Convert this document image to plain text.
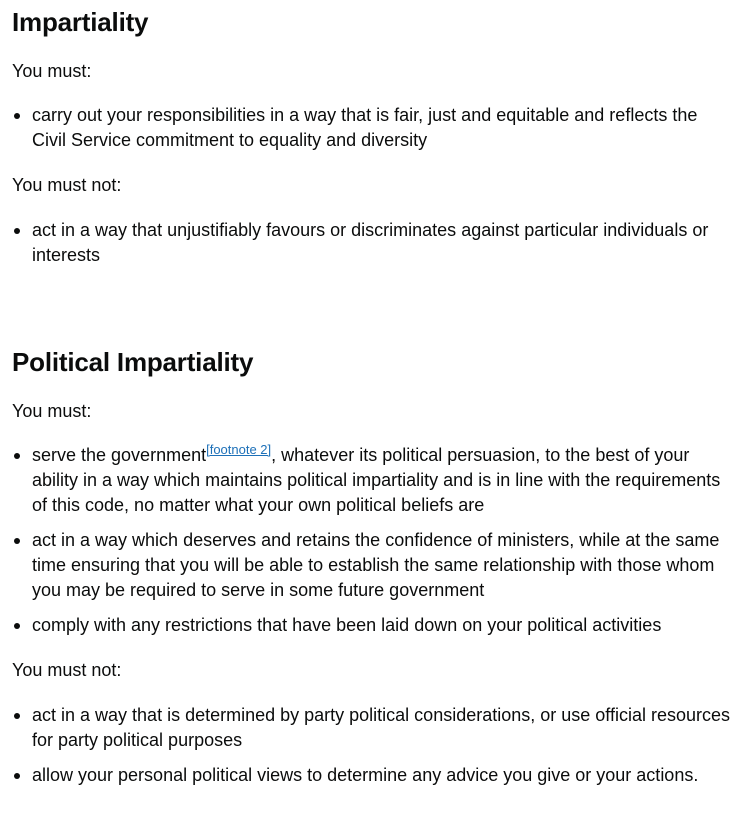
Impartiality

You must:

carry out your responsibilities in a way that is fair, just and equitable and reflects the Civil Service commitment to equality and diversity

You must not:

act in a way that unjustifiably favours or discriminates against particular individuals or interests
Political Impartiality

You must:

serve the government[footnote 2], whatever its political persuasion, to the best of your ability in a way which maintains political impartiality and is in line with the requirements of this code, no matter what your own political beliefs are
act in a way which deserves and retains the confidence of ministers, while at the same time ensuring that you will be able to establish the same relationship with those whom you may be required to serve in some future government
comply with any restrictions that have been laid down on your political activities

You must not:

act in a way that is determined by party political considerations, or use official resources for party political purposes
allow your personal political views to determine any advice you give or your actions.
